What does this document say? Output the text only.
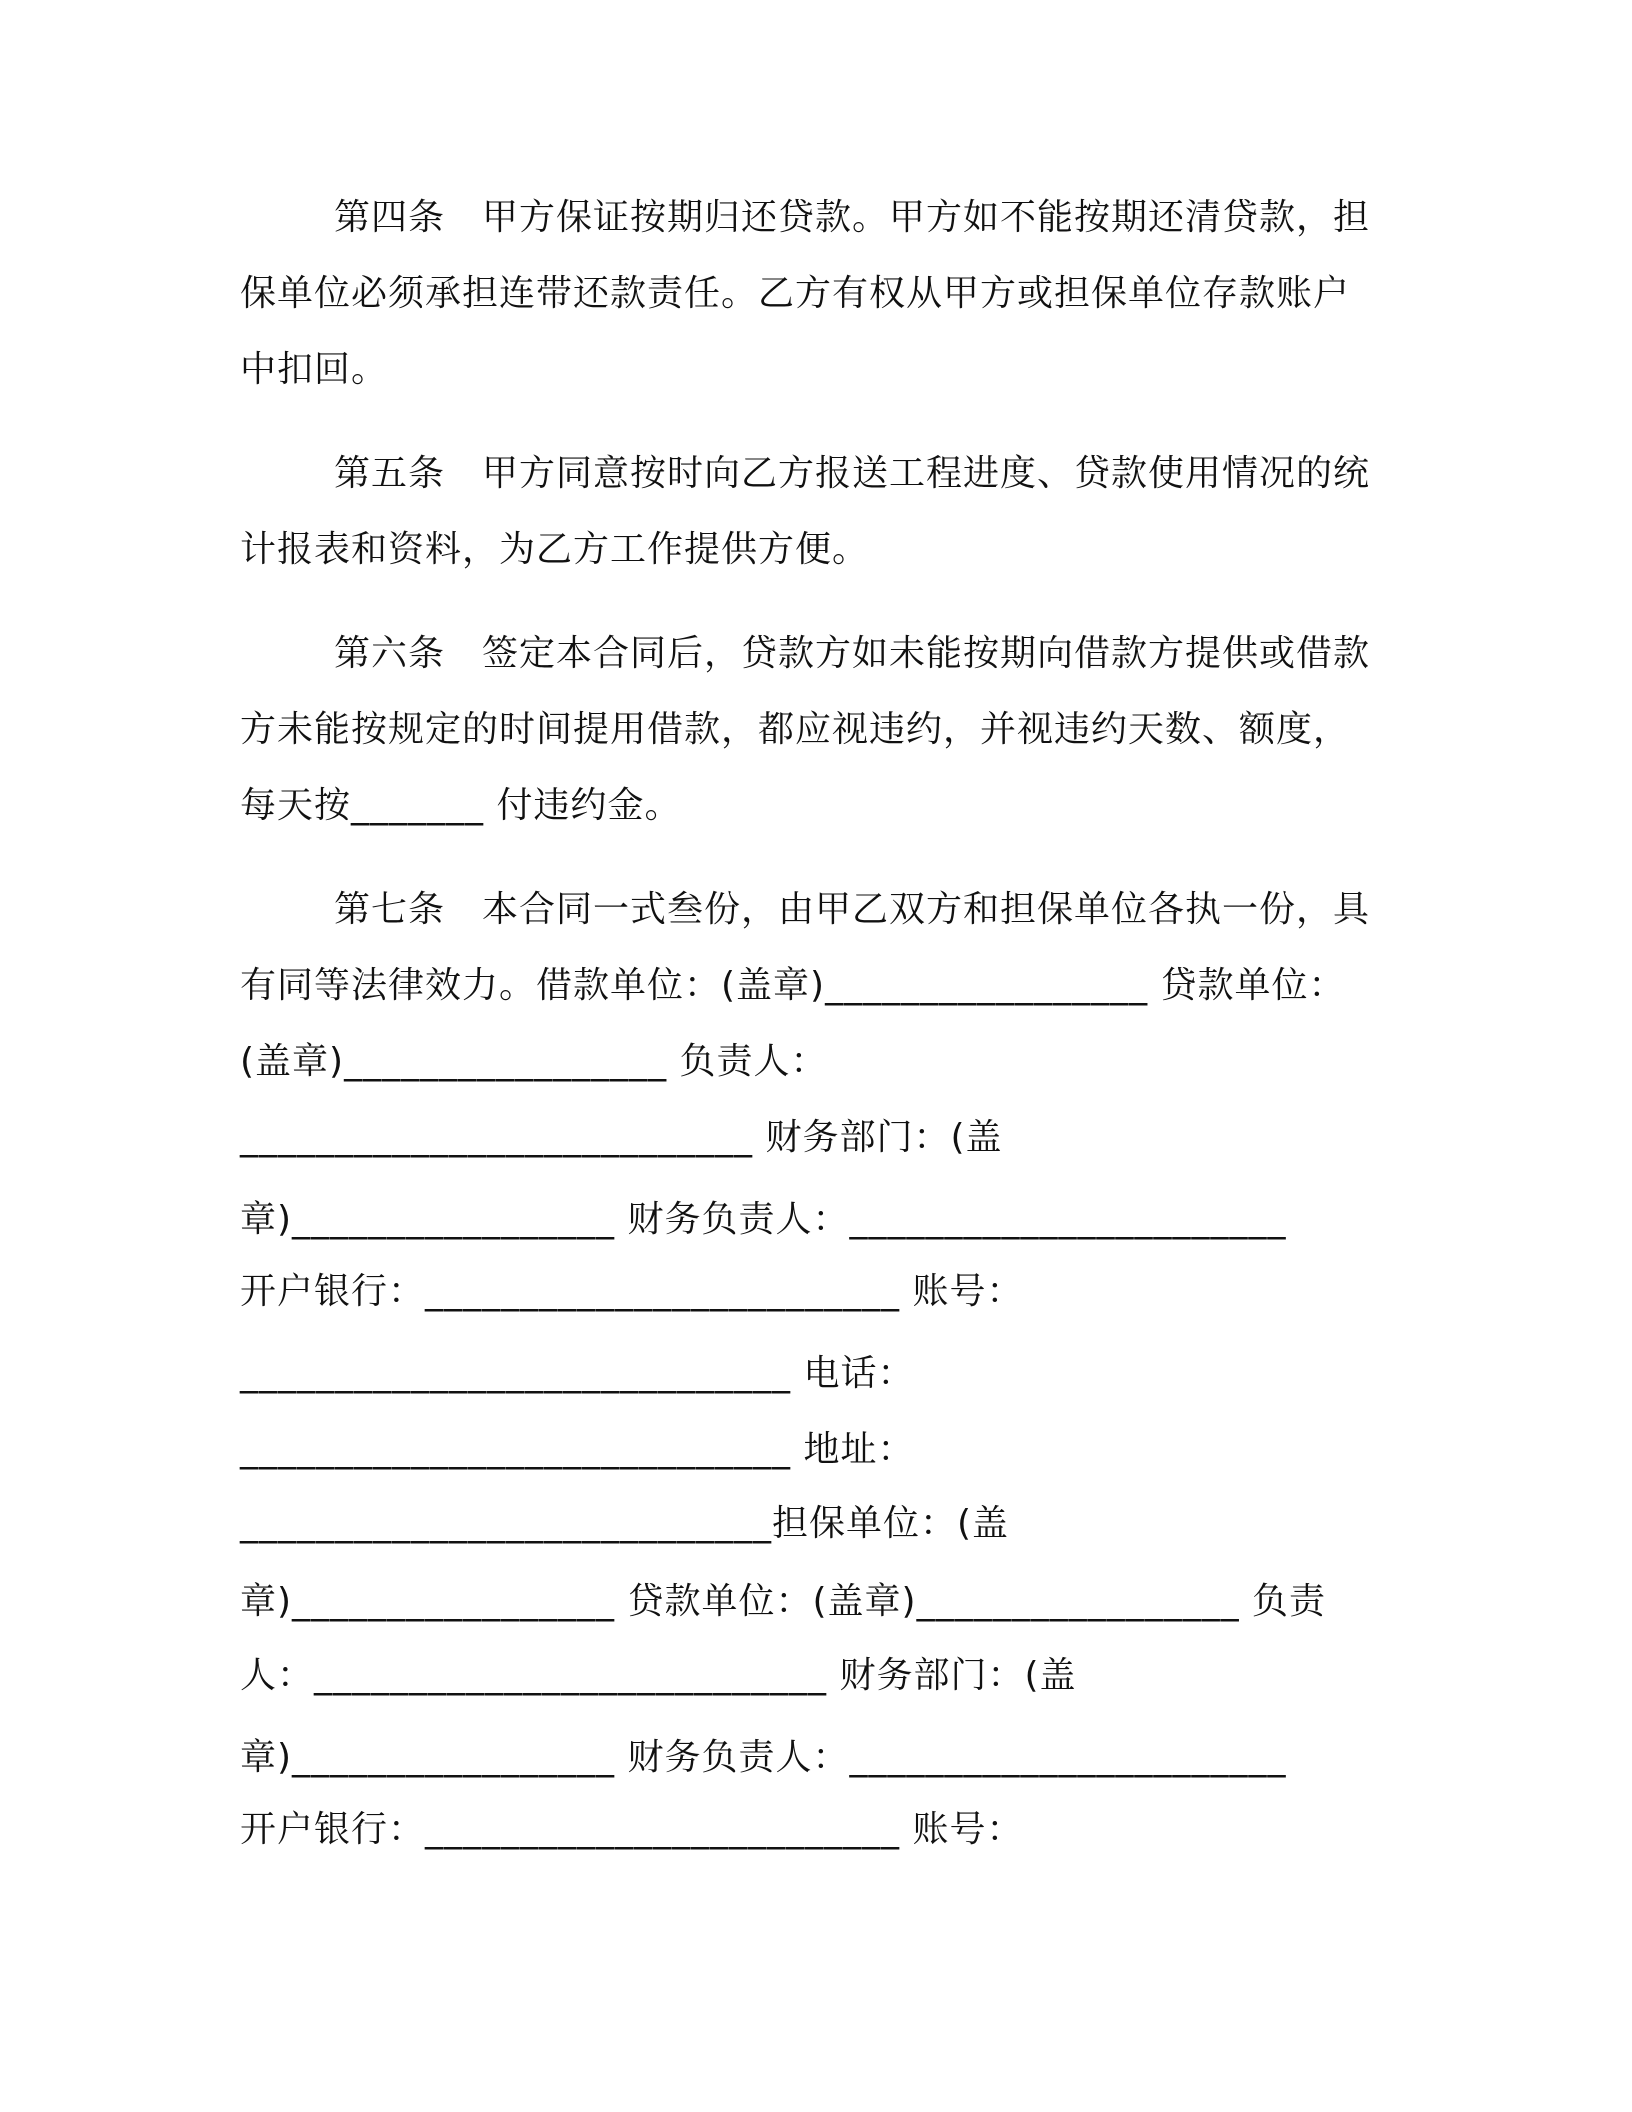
第四条　甲方保证按期归还贷款。甲方如不能按期还清贷款，担
保单位必须承担连带还款责任。乙方有权从甲方或担保单位存款账户
中扣回。
第五条　甲方同意按时向乙方报送工程进度、贷款使用情况的统
计报表和资料，为乙方工作提供方便。
第六条　签定本合同后，贷款方如未能按期向借款方提供或借款
方未能按规定的时间提用借款，都应视违约，并视违约天数、额度，
每天按_______ 付违约金。
第七条　本合同一式叁份，由甲乙双方和担保单位各执一份，具
有同等法律效力。借款单位：(盖章)_________________ 贷款单位：
(盖章)_________________ 负责人：
___________________________ 财务部门：(盖
章)_________________ 财务负责人：_______________________
开户银行：_________________________ 账号：
_____________________________ 电话：
_____________________________ 地址：
____________________________担保单位：(盖
章)_________________ 贷款单位：(盖章)_________________ 负责
人：___________________________ 财务部门：(盖
章)_________________ 财务负责人：_______________________
开户银行：_________________________ 账号：
